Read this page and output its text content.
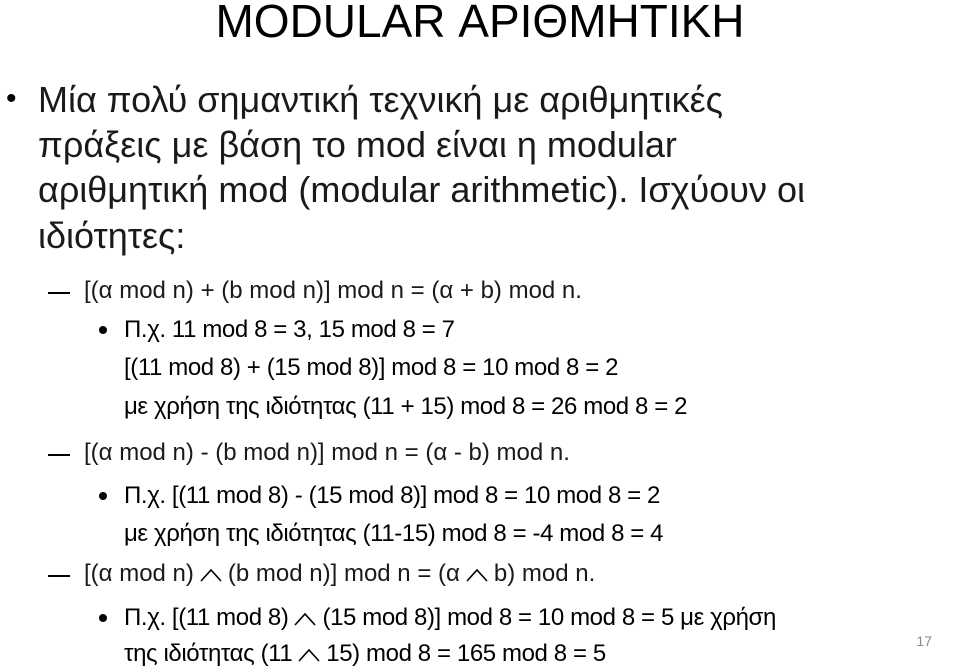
MODULAR ΑΡΙΘΜΗΤΙΚΗ
• Μία πολύ σημαντική τεχνική με αριθμητικές
πράξεις με βάση το mod είναι η modular
αριθμητική mod (modular arithmetic). Ισχύουν οι
ιδιότητες:
[(α mod n) + (b mod n)] mod n = (α + b) mod n.
Π.χ. 11 mod 8 = 3, 15 mod 8 = 7
[(11 mod 8) + (15 mod 8)] mod 8 = 10 mod 8 = 2
με χρήση της ιδιότητας (11 + 15) mod 8 = 26 mod 8 = 2
[(α mod n) - (b mod n)] mod n = (α - b) mod n.
Π.χ. [(11 mod 8) - (15 mod 8)] mod 8 = 10 mod 8 = 2
με χρήση της ιδιότητας (11-15) mod 8 = -4 mod 8 = 4
[(α mod n) (b mod n)] mod n = (α b) mod n.
Π.χ. [(11 mod 8) (15 mod 8)] mod 8 = 10 mod 8 = 5 με χρήση
της ιδιότητας (11 15) mod 8 = 165 mod 8 = 5	17
